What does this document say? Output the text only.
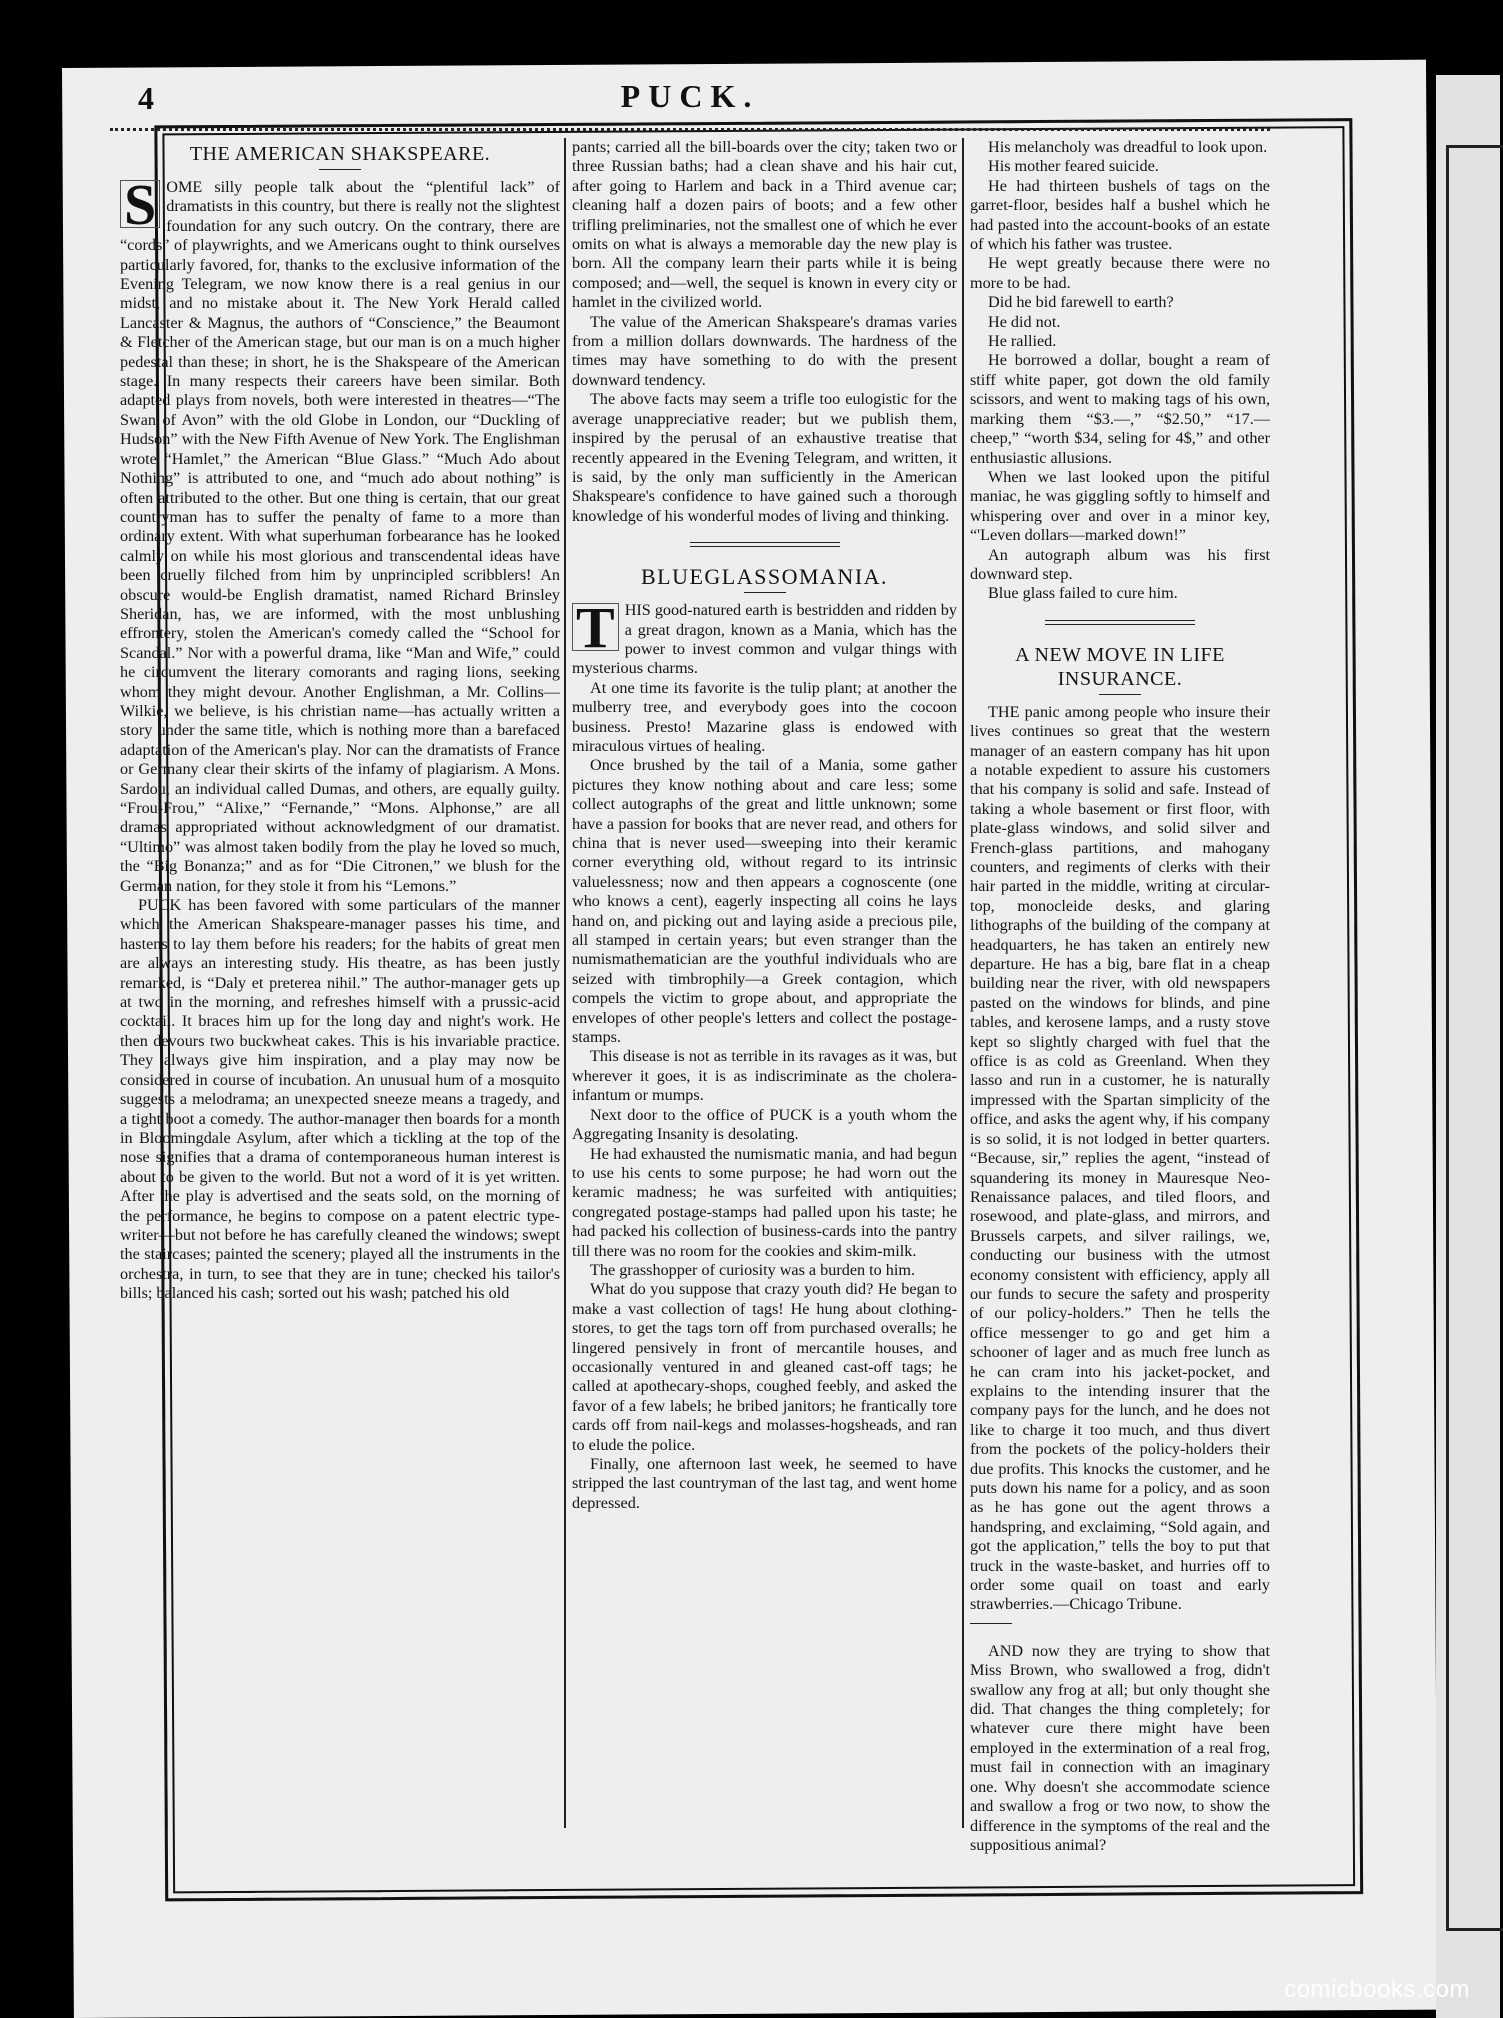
4	PUCK.
THE AMERICAN SHAKSPEARE.

S OME silly people talk about the “plentiful lack” of dramatists in this country, but there is really not the slightest foundation for any such outcry. On the contrary, there are “cords” of playwrights, and we Americans ought to think ourselves particularly favored, for, thanks to the exclusive information of the Evening Telegram, we now know there is a real genius in our midst, and no mistake about it. The New York Herald called Lancaster & Magnus, the authors of “Conscience,” the Beaumont & Fletcher of the American stage, but our man is on a much higher pedestal than these; in short, he is the Shakspeare of the American stage. In many respects their careers have been similar. Both adapted plays from novels, both were interested in theatres—“The Swan of Avon” with the old Globe in London, our “Duckling of Hudson” with the New Fifth Avenue of New York. The Englishman wrote “Hamlet,” the American “Blue Glass.” “Much Ado about Nothing” is attributed to one, and “much ado about nothing” is often attributed to the other. But one thing is certain, that our great countryman has to suffer the penalty of fame to a more than ordinary extent. With what superhuman forbearance has he looked calmly on while his most glorious and transcendental ideas have been cruelly filched from him by unprincipled scribblers! An obscure would-be English dramatist, named Richard Brinsley Sheridan, has, we are informed, with the most unblushing effrontery, stolen the American's comedy called the “School for Scandal.” Nor with a powerful drama, like “Man and Wife,” could he circumvent the literary comorants and raging lions, seeking whom they might devour. Another Englishman, a Mr. Collins—Wilkie, we believe, is his christian name—has actually written a story under the same title, which is nothing more than a barefaced adaptation of the American's play. Nor can the dramatists of France or Germany clear their skirts of the infamy of plagiarism. A Mons. Sardou, an individual called Dumas, and others, are equally guilty. “Frou-Frou,” “Alixe,” “Fernande,” “Mons. Alphonse,” are all dramas appropriated without acknowledgment of our dramatist. “Ultimo” was almost taken bodily from the play he loved so much, the “Big Bonanza;” and as for “Die Citronen,” we blush for the German nation, for they stole it from his “Lemons.”

PUCK has been favored with some particulars of the manner which the American Shakspeare-manager passes his time, and hastens to lay them before his readers; for the habits of great men are always an interesting study. His theatre, as has been justly remarked, is “Daly et preterea nihil.” The author-manager gets up at two in the morning, and refreshes himself with a prussic-acid cocktail. It braces him up for the long day and night's work. He then devours two buckwheat cakes. This is his invariable practice. They always give him inspiration, and a play may now be considered in course of incubation. An unusual hum of a mosquito suggests a melodrama; an unexpected sneeze means a tragedy, and a tight boot a comedy. The author-manager then boards for a month in Bloomingdale Asylum, after which a tickling at the top of the nose signifies that a drama of contemporaneous human interest is about to be given to the world. But not a word of it is yet written. After the play is advertised and the seats sold, on the morning of the performance, he begins to compose on a patent electric type-writer—but not before he has carefully cleaned the windows; swept the staircases; painted the scenery; played all the instruments in the orchestra, in turn, to see that they are in tune; checked his tailor's bills; balanced his cash; sorted out his wash; patched his old

pants; carried all the bill-boards over the city; taken two or three Russian baths; had a clean shave and his hair cut, after going to Harlem and back in a Third avenue car; cleaning half a dozen pairs of boots; and a few other trifling preliminaries, not the smallest one of which he ever omits on what is always a memorable day the new play is born. All the company learn their parts while it is being composed; and—well, the sequel is known in every city or hamlet in the civilized world.

The value of the American Shakspeare's dramas varies from a million dollars downwards. The hardness of the times may have something to do with the present downward tendency.

The above facts may seem a trifle too eulogistic for the average unappreciative reader; but we publish them, inspired by the perusal of an exhaustive treatise that recently appeared in the Evening Telegram, and written, it is said, by the only man sufficiently in the American Shakspeare's confidence to have gained such a thorough knowledge of his wonderful modes of living and thinking.

BLUEGLASSOMANIA.

T HIS good-natured earth is bestridden and ridden by a great dragon, known as a Mania, which has the power to invest common and vulgar things with mysterious charms.

At one time its favorite is the tulip plant; at another the mulberry tree, and everybody goes into the cocoon business. Presto! Mazarine glass is endowed with miraculous virtues of healing.

Once brushed by the tail of a Mania, some gather pictures they know nothing about and care less; some collect autographs of the great and little unknown; some have a passion for books that are never read, and others for china that is never used—sweeping into their keramic corner everything old, without regard to its intrinsic valuelessness; now and then appears a cognoscente (one who knows a cent), eagerly inspecting all coins he lays hand on, and picking out and laying aside a precious pile, all stamped in certain years; but even stranger than the numismathematician are the youthful individuals who are seized with timbrophily—a Greek contagion, which compels the victim to grope about, and appropriate the envelopes of other people's letters and collect the postage-stamps.

This disease is not as terrible in its ravages as it was, but wherever it goes, it is as indiscriminate as the cholera-infantum or mumps.

Next door to the office of PUCK is a youth whom the Aggregating Insanity is desolating.

He had exhausted the numismatic mania, and had begun to use his cents to some purpose; he had worn out the keramic madness; he was surfeited with antiquities; congregated postage-stamps had palled upon his taste; he had packed his collection of business-cards into the pantry till there was no room for the cookies and skim-milk.

The grasshopper of curiosity was a burden to him.

What do you suppose that crazy youth did? He began to make a vast collection of tags! He hung about clothing-stores, to get the tags torn off from purchased overalls; he lingered pensively in front of mercantile houses, and occasionally ventured in and gleaned cast-off tags; he called at apothecary-shops, coughed feebly, and asked the favor of a few labels; he bribed janitors; he frantically tore cards off from nail-kegs and molasses-hogsheads, and ran to elude the police.

Finally, one afternoon last week, he seemed to have stripped the last countryman of the last tag, and went home depressed.

His melancholy was dreadful to look upon.

His mother feared suicide.

He had thirteen bushels of tags on the garret-floor, besides half a bushel which he had pasted into the account-books of an estate of which his father was trustee.

He wept greatly because there were no more to be had.

Did he bid farewell to earth?

He did not.

He rallied.

He borrowed a dollar, bought a ream of stiff white paper, got down the old family scissors, and went to making tags of his own, marking them “$3.—,” “$2.50,” “17.— cheep,” “worth $34, seling for 4$,” and other enthusiastic allusions.

When we last looked upon the pitiful maniac, he was giggling softly to himself and whispering over and over in a minor key, “'Leven dollars—marked down!”

An autograph album was his first downward step.

Blue glass failed to cure him.

A NEW MOVE IN LIFE INSURANCE.

THE panic among people who insure their lives continues so great that the western manager of an eastern company has hit upon a notable expedient to assure his customers that his company is solid and safe. Instead of taking a whole basement or first floor, with plate-glass windows, and solid silver and French-glass partitions, and mahogany counters, and regiments of clerks with their hair parted in the middle, writing at circular-top, monocleide desks, and glaring lithographs of the building of the company at headquarters, he has taken an entirely new departure. He has a big, bare flat in a cheap building near the river, with old newspapers pasted on the windows for blinds, and pine tables, and kerosene lamps, and a rusty stove kept so slightly charged with fuel that the office is as cold as Greenland. When they lasso and run in a customer, he is naturally impressed with the Spartan simplicity of the office, and asks the agent why, if his company is so solid, it is not lodged in better quarters. “Because, sir,” replies the agent, “instead of squandering its money in Mauresque Neo-Renaissance palaces, and tiled floors, and rosewood, and plate-glass, and mirrors, and Brussels carpets, and silver railings, we, conducting our business with the utmost economy consistent with efficiency, apply all our funds to secure the safety and prosperity of our policy-holders.” Then he tells the office messenger to go and get him a schooner of lager and as much free lunch as he can cram into his jacket-pocket, and explains to the intending insurer that the company pays for the lunch, and he does not like to charge it too much, and thus divert from the pockets of the policy-holders their due profits. This knocks the customer, and he puts down his name for a policy, and as soon as he has gone out the agent throws a handspring, and exclaiming, “Sold again, and got the application,” tells the boy to put that truck in the waste-basket, and hurries off to order some quail on toast and early strawberries.—Chicago Tribune.

AND now they are trying to show that Miss Brown, who swallowed a frog, didn't swallow any frog at all; but only thought she did. That changes the thing completely; for whatever cure there might have been employed in the extermination of a real frog, must fail in connection with an imaginary one. Why doesn't she accommodate science and swallow a frog or two now, to show the difference in the symptoms of the real and the suppositious animal?

comicbooks.com
